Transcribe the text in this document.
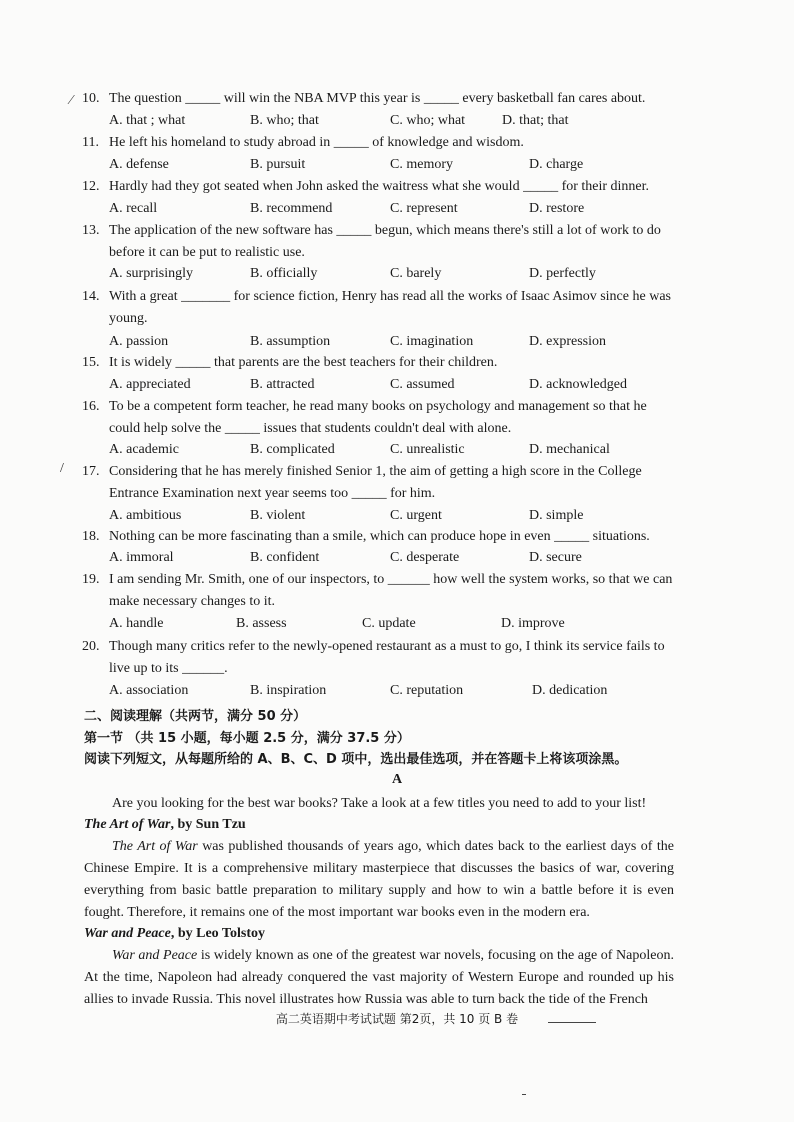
⁄
/
10. The question _____ will win the NBA MVP this year is _____ every basketball fan cares about.
A. that ; what	B. who; that	C. who; what	D. that; that
11. He left his homeland to study abroad in _____ of knowledge and wisdom.
A. defense	B. pursuit	C. memory	D. charge
12. Hardly had they got seated when John asked the waitress what she would _____ for their dinner.
A. recall	B. recommend	C. represent	D. restore
13. The application of the new software has _____ begun, which means there's still a lot of work to do
before it can be put to realistic use.
A. surprisingly	B. officially	C. barely	D. perfectly
14. With a great _______ for science fiction, Henry has read all the works of Isaac Asimov since he was
young.
A. passion	B. assumption	C. imagination	D. expression
15. It is widely _____ that parents are the best teachers for their children.
A. appreciated	B. attracted	C. assumed	D. acknowledged
16. To be a competent form teacher, he read many books on psychology and management so that he
could help solve the _____ issues that students couldn't deal with alone.
A. academic	B. complicated	C. unrealistic	D. mechanical
17. Considering that he has merely finished Senior 1, the aim of getting a high score in the College
Entrance Examination next year seems too _____ for him.
A. ambitious	B. violent	C. urgent	D. simple
18. Nothing can be more fascinating than a smile, which can produce hope in even _____ situations.
A. immoral	B. confident	C. desperate	D. secure
19. I am sending Mr. Smith, one of our inspectors, to ______ how well the system works, so that we can
make necessary changes to it.
A. handle	B. assess	C. update	D. improve
20. Though many critics refer to the newly-opened restaurant as a must to go, I think its service fails to
live up to its ______.
A. association	B. inspiration	C. reputation	D. dedication
二、阅读理解（共两节，满分 50 分）
第一节 （共 15 小题，每小题 2.5 分，满分 37.5 分）
阅读下列短文，从每题所给的 A、B、C、D 项中，选出最佳选项，并在答题卡上将该项涂黑。
A
Are you looking for the best war books? Take a look at a few titles you need to add to your list!
The Art of War, by Sun Tzu

The Art of War was published thousands of years ago, which dates back to the earliest days of the Chinese Empire. It is a comprehensive military masterpiece that discusses the basics of war, covering everything from basic battle preparation to military supply and how to win a battle before it is even fought. Therefore, it remains one of the most important war books even in the modern era.

War and Peace, by Leo Tolstoy

War and Peace is widely known as one of the greatest war novels, focusing on the age of Napoleon. At the time, Napoleon had already conquered the vast majority of Western Europe and rounded up his allies to invade Russia. This novel illustrates how Russia was able to turn back the tide of the French

高二英语期中考试试题 第2页，共 10 页 B 卷
